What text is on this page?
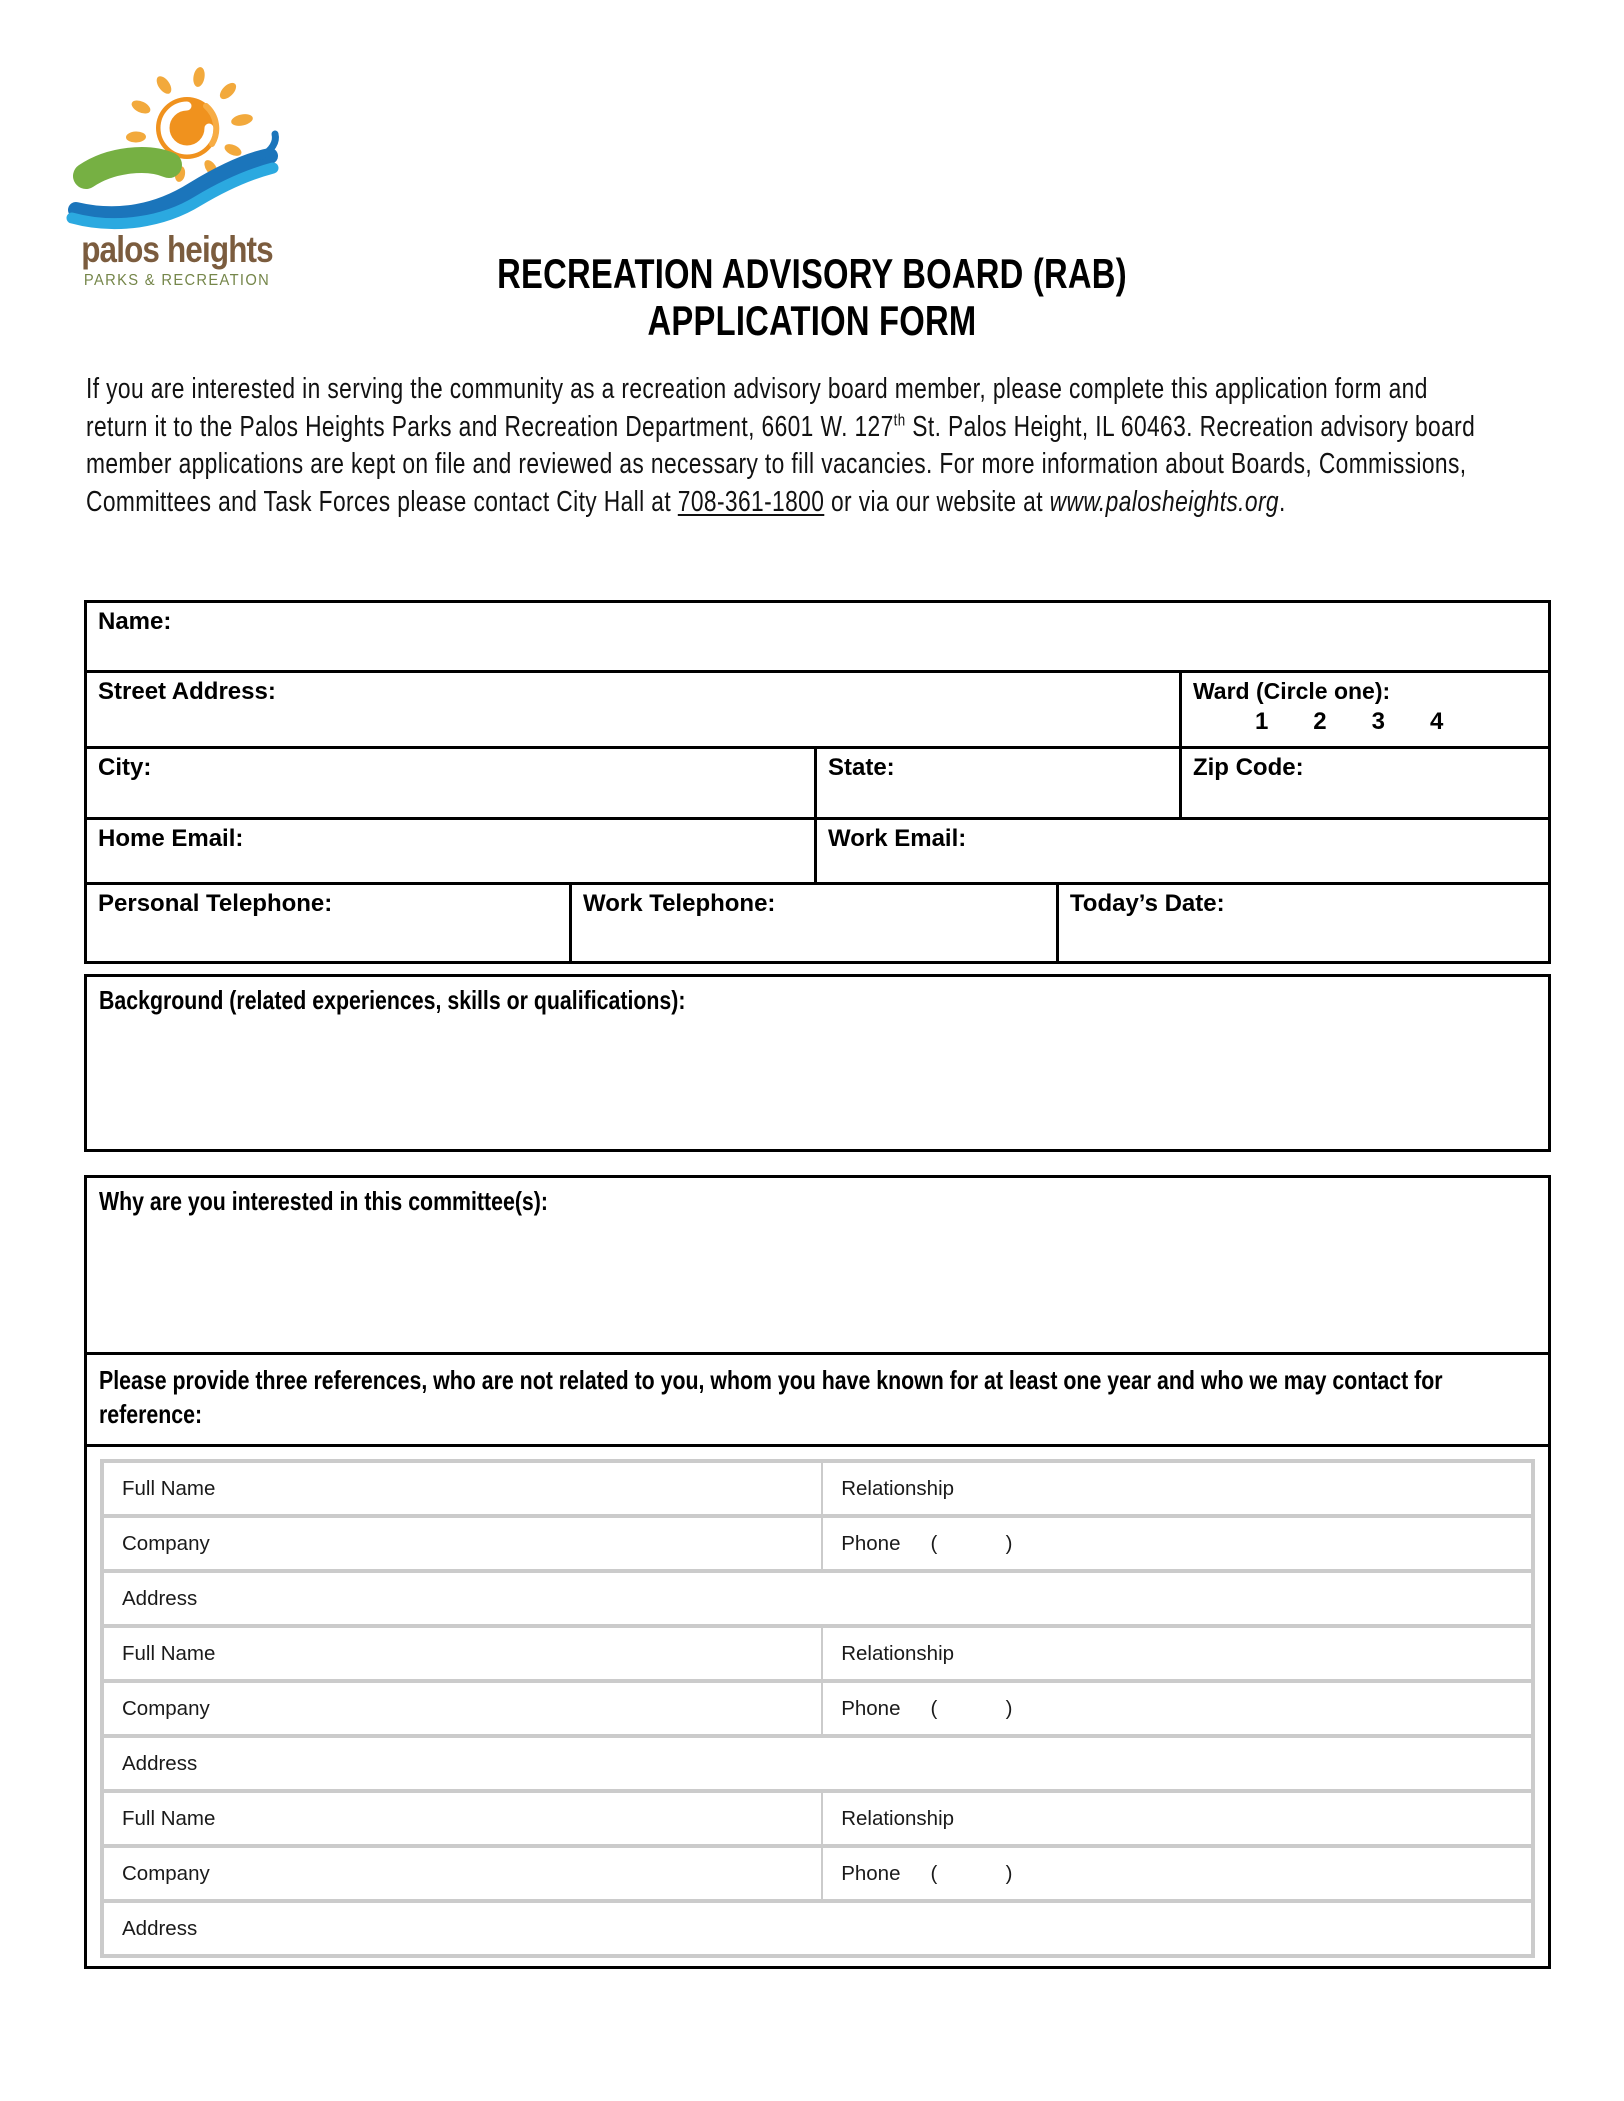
palos heights
PARKS & RECREATION	RECREATION ADVISORY BOARD (RAB)
APPLICATION FORM
If you are interested in serving the community as a recreation advisory board member, please complete this application form and return it to the Palos Heights Parks and Recreation Department, 6601 W. 127th St. Palos Height, IL 60463. Recreation advisory board member applications are kept on file and reviewed as necessary to fill vacancies. For more information about Boards, Commissions, Committees and Task Forces please contact City Hall at 708-361-1800 or via our website at www.palosheights.org.
Name:
Street Address:	Ward (Circle one):
1 2 3 4
City:	State:	Zip Code:
Home Email:	Work Email:
Personal Telephone:	Work Telephone:	Today’s Date:
Background (related experiences, skills or qualifications):
Why are you interested in this committee(s):
Please provide three references, who are not related to you, whom you have known for at least one year and who we may contact for reference:
Full Name	Relationship
Company	Phone (            )
Address
Full Name	Relationship
Company	Phone (            )
Address
Full Name	Relationship
Company	Phone (            )
Address
